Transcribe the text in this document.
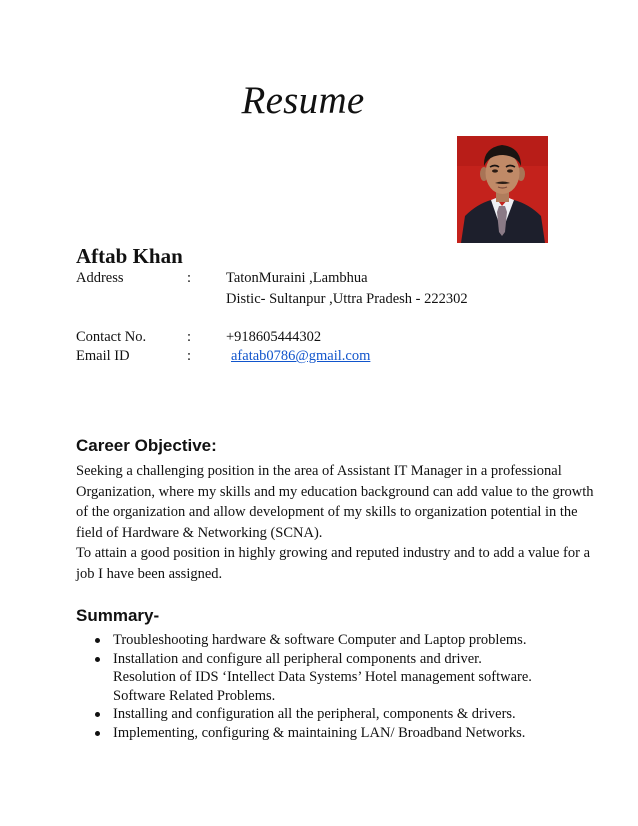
Resume
Aftab Khan
Address	: TatonMuraini ,Lambhua
Distic- Sultanpur ,Uttra Pradesh - 222302
Contact No.	: +918605444302
Email ID	:	afatab0786@gmail.com
Career Objective:

Seeking a challenging position in the area of Assistant IT Manager in a professional Organization, where my skills and my education background can add value to the growth of the organization and allow development of my skills to organization potential in the field of Hardware & Networking (SCNA).

To attain a good position in highly growing and reputed industry and to add a value for a job I have been assigned.

Summary-
Troubleshooting hardware & software Computer and Laptop problems.
Installation and configure all peripheral components and driver.
Resolution of IDS ‘Intellect Data Systems’ Hotel management software.
Software Related Problems.
Installing and configuration all the peripheral, components & drivers.
Implementing, configuring & maintaining LAN/ Broadband Networks.
